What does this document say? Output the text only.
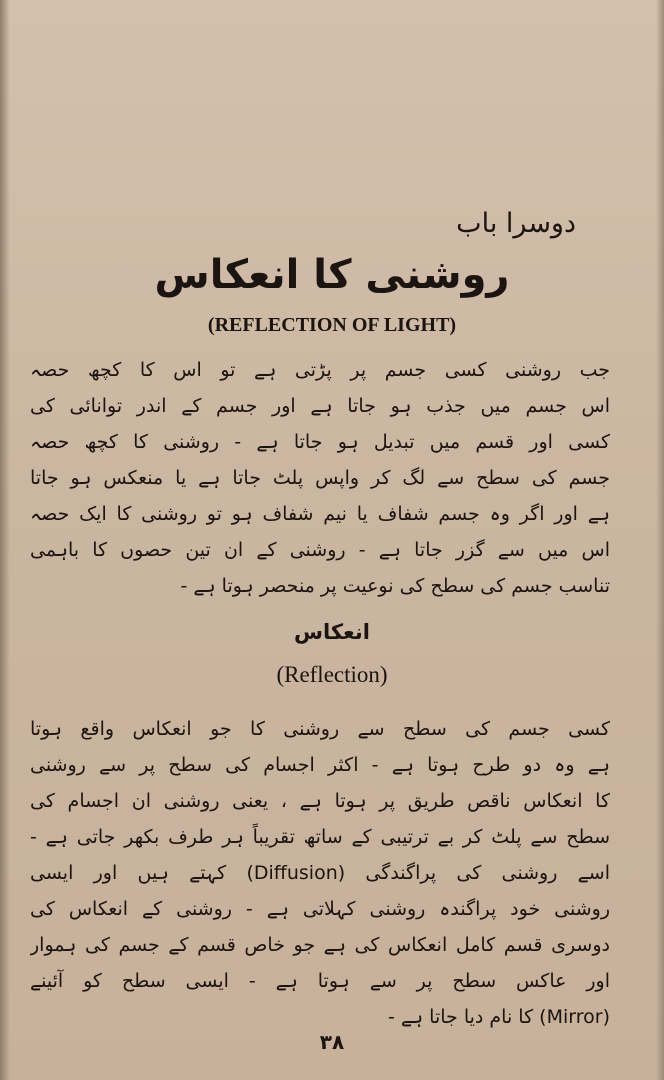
دوسرا باب
روشنی کا انعکاس
(REFLECTION OF LIGHT)
جب روشنی کسی جسم پر پڑتی ہے تو اس کا کچھ حصہ
اس جسم میں جذب ہو جاتا ہے اور جسم کے اندر توانائی کی
کسی اور قسم میں تبدیل ہو جاتا ہے - روشنی کا کچھ حصہ
جسم کی سطح سے لگ کر واپس پلٹ جاتا ہے یا منعکس ہو جاتا
ہے اور اگر وہ جسم شفاف یا نیم شفاف ہو تو روشنی کا ایک حصہ
اس میں سے گزر جاتا ہے - روشنی کے ان تین حصوں کا باہمی
تناسب جسم کی سطح کی نوعیت پر منحصر ہوتا ہے -
انعکاس
(Reflection)
کسی جسم کی سطح سے روشنی کا جو انعکاس واقع ہوتا
ہے وہ دو طرح ہوتا ہے - اکثر اجسام کی سطح پر سے روشنی
کا انعکاس ناقص طریق پر ہوتا ہے ، یعنی روشنی ان اجسام کی
سطح سے پلٹ کر بے ترتیبی کے ساتھ تقریباً ہر طرف بکھر جاتی ہے -
اسے روشنی کی پراگندگی (Diffusion) کہتے ہیں اور ایسی
روشنی خود پراگندہ روشنی کہلاتی ہے - روشنی کے انعکاس کی
دوسری قسم کامل انعکاس کی ہے جو خاص قسم کے جسم کی ہموار
اور عاکس سطح پر سے ہوتا ہے - ایسی سطح کو آئینے
(Mirror) کا نام دیا جاتا ہے -
۳۸
